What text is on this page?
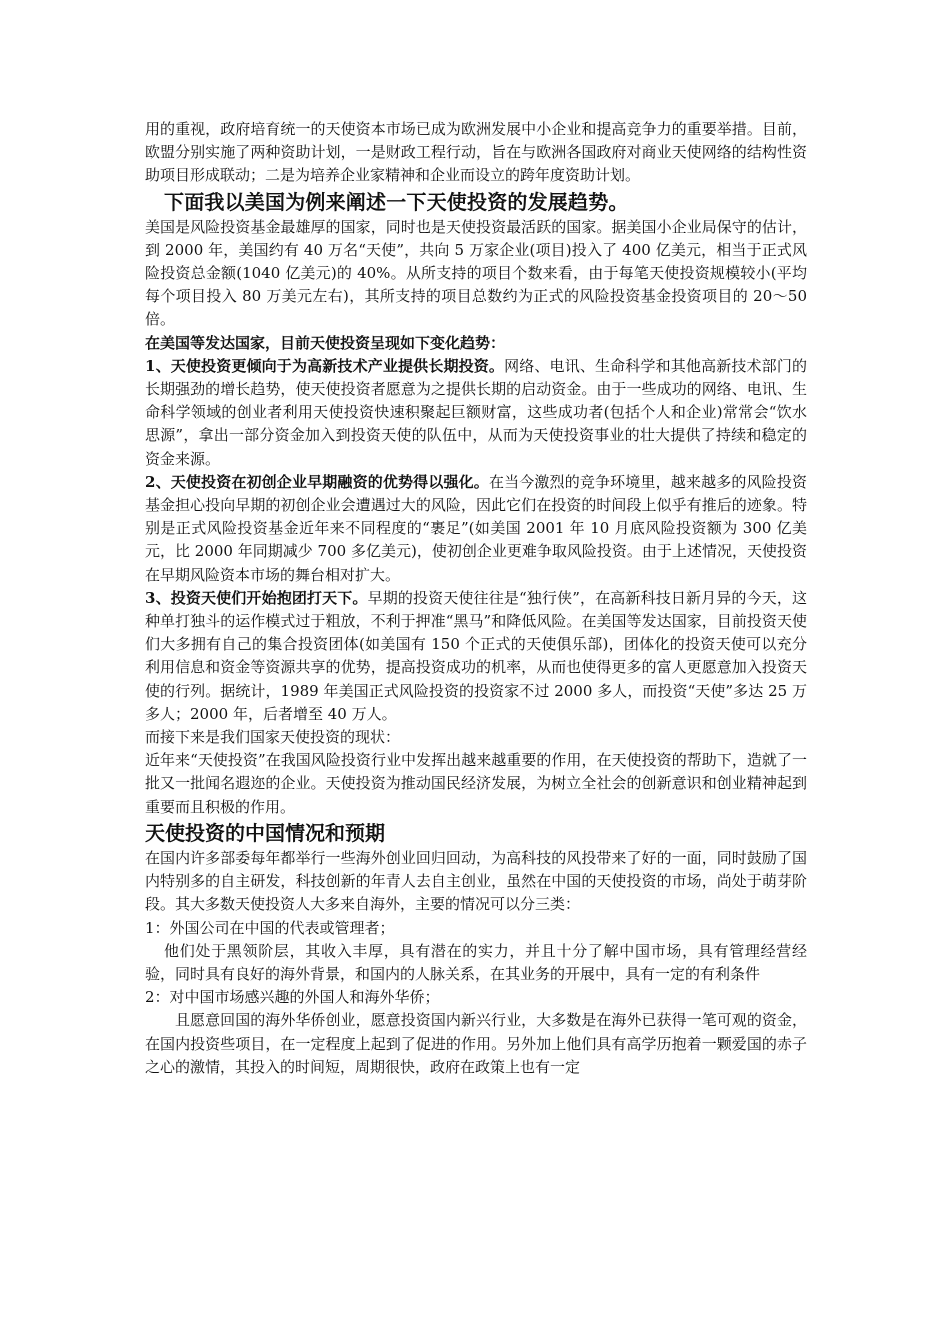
用的重视，政府培育统一的天使资本市场已成为欧洲发展中小企业和提高竞争力的重要举措。目前，欧盟分别实施了两种资助计划，一是财政工程行动，旨在与欧洲各国政府对商业天使网络的结构性资助项目形成联动；二是为培养企业家精神和企业而设立的跨年度资助计划。

下面我以美国为例来阐述一下天使投资的发展趋势。

美国是风险投资基金最雄厚的国家，同时也是天使投资最活跃的国家。据美国小企业局保守的估计，到 2000 年，美国约有 40 万名“天使”，共向 5 万家企业(项目)投入了 400 亿美元，相当于正式风险投资总金额(1040 亿美元)的 40%。从所支持的项目个数来看，由于每笔天使投资规模较小(平均每个项目投入 80 万美元左右)，其所支持的项目总数约为正式的风险投资基金投资项目的 20～50 倍。

在美国等发达国家，目前天使投资呈现如下变化趋势：

1、天使投资更倾向于为高新技术产业提供长期投资。网络、电讯、生命科学和其他高新技术部门的长期强劲的增长趋势，使天使投资者愿意为之提供长期的启动资金。由于一些成功的网络、电讯、生命科学领域的创业者利用天使投资快速积聚起巨额财富，这些成功者(包括个人和企业)常常会“饮水思源”，拿出一部分资金加入到投资天使的队伍中，从而为天使投资事业的壮大提供了持续和稳定的资金来源。

2、天使投资在初创企业早期融资的优势得以强化。在当今激烈的竞争环境里，越来越多的风险投资基金担心投向早期的初创企业会遭遇过大的风险，因此它们在投资的时间段上似乎有推后的迹象。特别是正式风险投资基金近年来不同程度的“裹足”(如美国 2001 年 10 月底风险投资额为 300 亿美元，比 2000 年同期减少 700 多亿美元)，使初创企业更难争取风险投资。由于上述情况，天使投资在早期风险资本市场的舞台相对扩大。

3、投资天使们开始抱团打天下。早期的投资天使往往是“独行侠”，在高新科技日新月异的今天，这种单打独斗的运作模式过于粗放，不利于押准“黑马”和降低风险。在美国等发达国家，目前投资天使们大多拥有自己的集合投资团体(如美国有 150 个正式的天使俱乐部)，团体化的投资天使可以充分利用信息和资金等资源共享的优势，提高投资成功的机率，从而也使得更多的富人更愿意加入投资天使的行列。据统计，1989 年美国正式风险投资的投资家不过 2000 多人，而投资“天使”多达 25 万多人；2000 年，后者增至 40 万人。

而接下来是我们国家天使投资的现状：

近年来“天使投资”在我国风险投资行业中发挥出越来越重要的作用，在天使投资的帮助下，造就了一批又一批闻名遐迩的企业。天使投资为推动国民经济发展，为树立全社会的创新意识和创业精神起到重要而且积极的作用。

天使投资的中国情况和预期

在国内许多部委每年都举行一些海外创业回归回动，为高科技的风投带来了好的一面，同时鼓励了国内特别多的自主研发，科技创新的年青人去自主创业，虽然在中国的天使投资的市场，尚处于萌芽阶段。其大多数天使投资人大多来自海外，主要的情况可以分三类：

1：外国公司在中国的代表或管理者；

他们处于黑领阶层，其收入丰厚，具有潜在的实力，并且十分了解中国市场，具有管理经营经验，同时具有良好的海外背景，和国内的人脉关系，在其业务的开展中，具有一定的有利条件

2：对中国市场感兴趣的外国人和海外华侨；

且愿意回国的海外华侨创业，愿意投资国内新兴行业，大多数是在海外已获得一笔可观的资金，在国内投资些项目，在一定程度上起到了促进的作用。另外加上他们具有高学历抱着一颗爱国的赤子之心的激情，其投入的时间短，周期很快，政府在政策上也有一定
